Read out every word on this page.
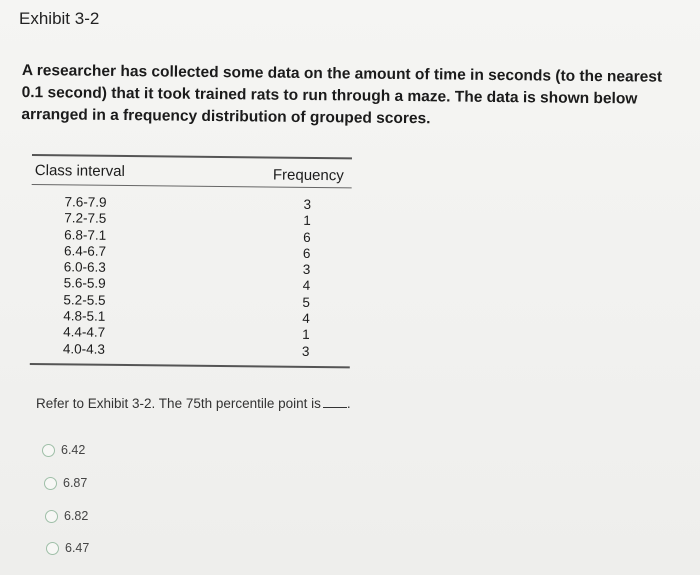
Exhibit 3-2
A researcher has collected some data on the amount of time in seconds (to the nearest 0.1 second) that it took trained rats to run through a maze. The data is shown below arranged in a frequency distribution of grouped scores.
Class interval	Frequency
7.6-7.9	3
7.2-7.5	1
6.8-7.1	6
6.4-6.7	6
6.0-6.3	3
5.6-5.9	4
5.2-5.5	5
4.8-5.1	4
4.4-4.7	1
4.0-4.3	3
Refer to Exhibit 3-2. The 75th percentile point is .
6.42
6.87
6.82
6.47
